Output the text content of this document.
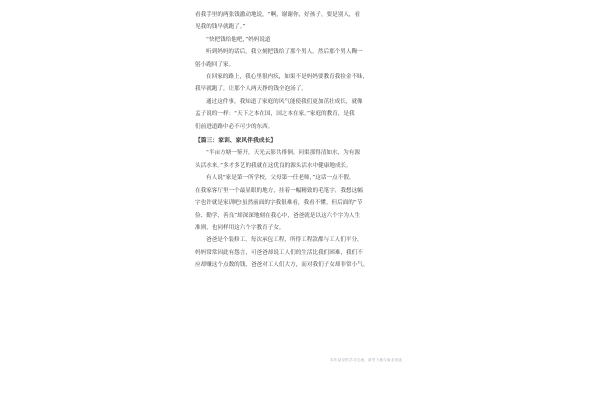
看我手里的两张钱激动地说，“啊，谢谢你，好孩子，要是别人，看
见我的钱早就跑了。”
“快把钱给他吧，”妈妈说道
听到妈妈的话后，我立刻把钱给了那个男人。然后那个男人鞠一
躬小跑回了家。
在回家的路上，我心里很内疚，如果不是妈妈要教育我捡金不昧，
我早就跑了，让那个人两天挣的钱全泡汤了。
通过这件事，我知道了家庭的风气能使我们更加茁壮成长，就像
孟子说的一样：“天下之本在国，国之本在家。”家庭的教育，是我
们前进道路中必不可少的东西。
【篇三：家训、家风伴我成长】
“半亩方塘一鉴开，天光云影共徘徊。问渠那得清如水，为有源
头活水来。”多才多艺的我就在这优良的源头活水中健康地成长。
有人说“家是第一所学校，父母第一任老师，”这话一点不假。
在我家客厅里一个最显眼的地方，挂着一幅精致的毛笔字，我想这幅
字也许就是家训吧!虽然前面的字我很难看，我看不懂。但后面的“节
俭、勤学、善良”却深深地刻在我心中，爸爸就是以这六个字为人生
准则，也同样用这六个字教育子女。
爸爸是个装修工，每次承包工程，所得工程款都与工人们平分，
妈妈常常因此有怨言，可爸爸却说工人们的生活比我们困难，我们不
应却赚这个点数的钱，爸爸对工人们大方，而对我们子女却非常小气。
本作品仅供学习交流，请勿下载与商业用途
